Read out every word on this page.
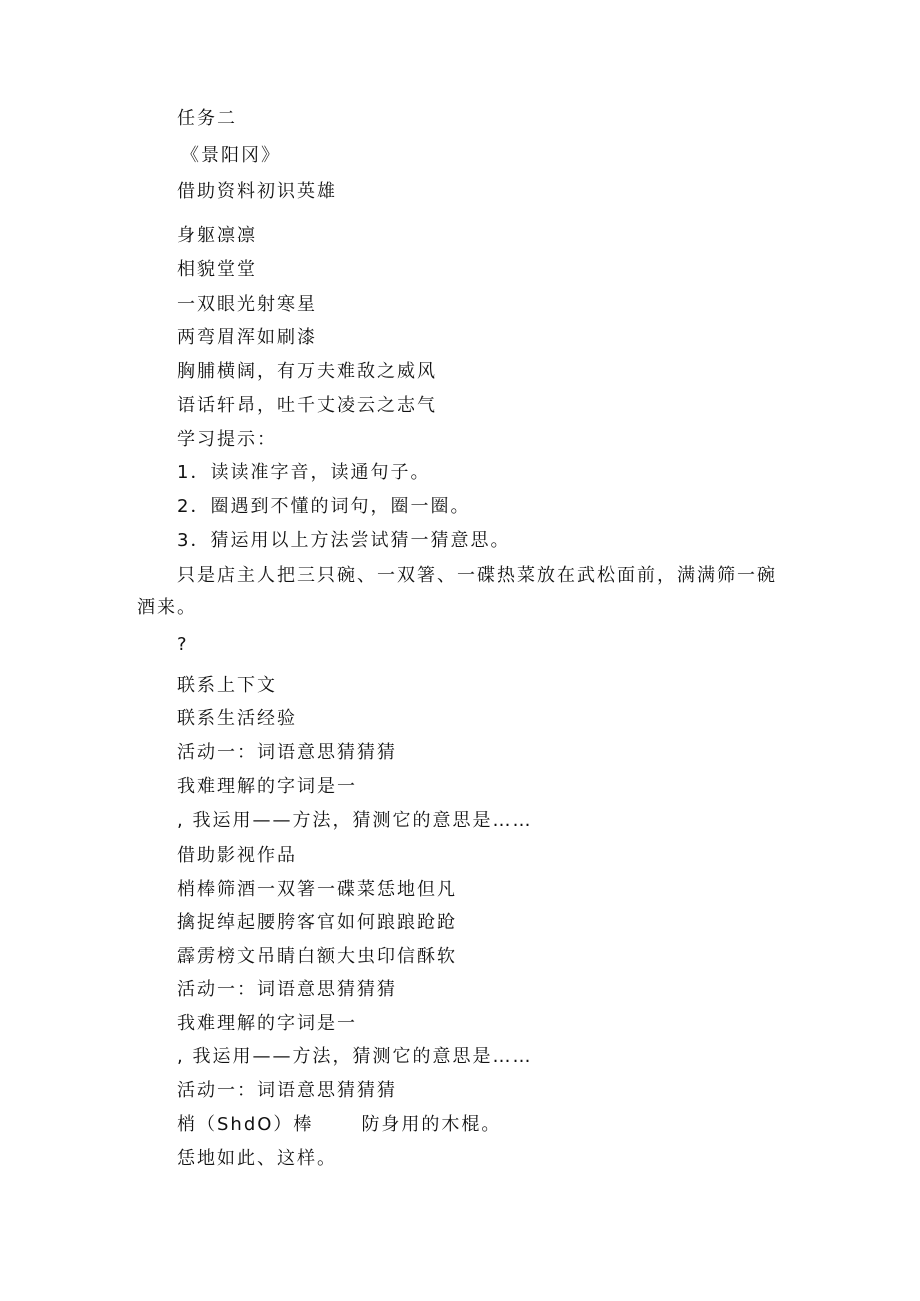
任务二
《景阳冈》
借助资料初识英雄
身躯凛凛
相貌堂堂
一双眼光射寒星
两弯眉浑如刷漆
胸脯横阔，有万夫难敌之威风
语话轩昂，吐千丈凌云之志气
学习提示：
1．读读准字音，读通句子。
2．圈遇到不懂的词句，圈一圈。
3．猜运用以上方法尝试猜一猜意思。
只是店主人把三只碗、一双箸、一碟热菜放在武松面前，满满筛一碗酒来。
?
联系上下文
联系生活经验
活动一：词语意思猜猜猜
我难理解的字词是一
, 我运用——方法，猜测它的意思是……
借助影视作品
梢棒筛酒一双箸一碟菜恁地但凡
擒捉绰起腰胯客官如何踉踉跄跄
霹雳榜文吊睛白额大虫印信酥软
活动一：词语意思猜猜猜
我难理解的字词是一
, 我运用——方法，猜测它的意思是……
活动一：词语意思猜猜猜
梢（ShdO）棒	防身用的木棍。
恁地如此、这样。
